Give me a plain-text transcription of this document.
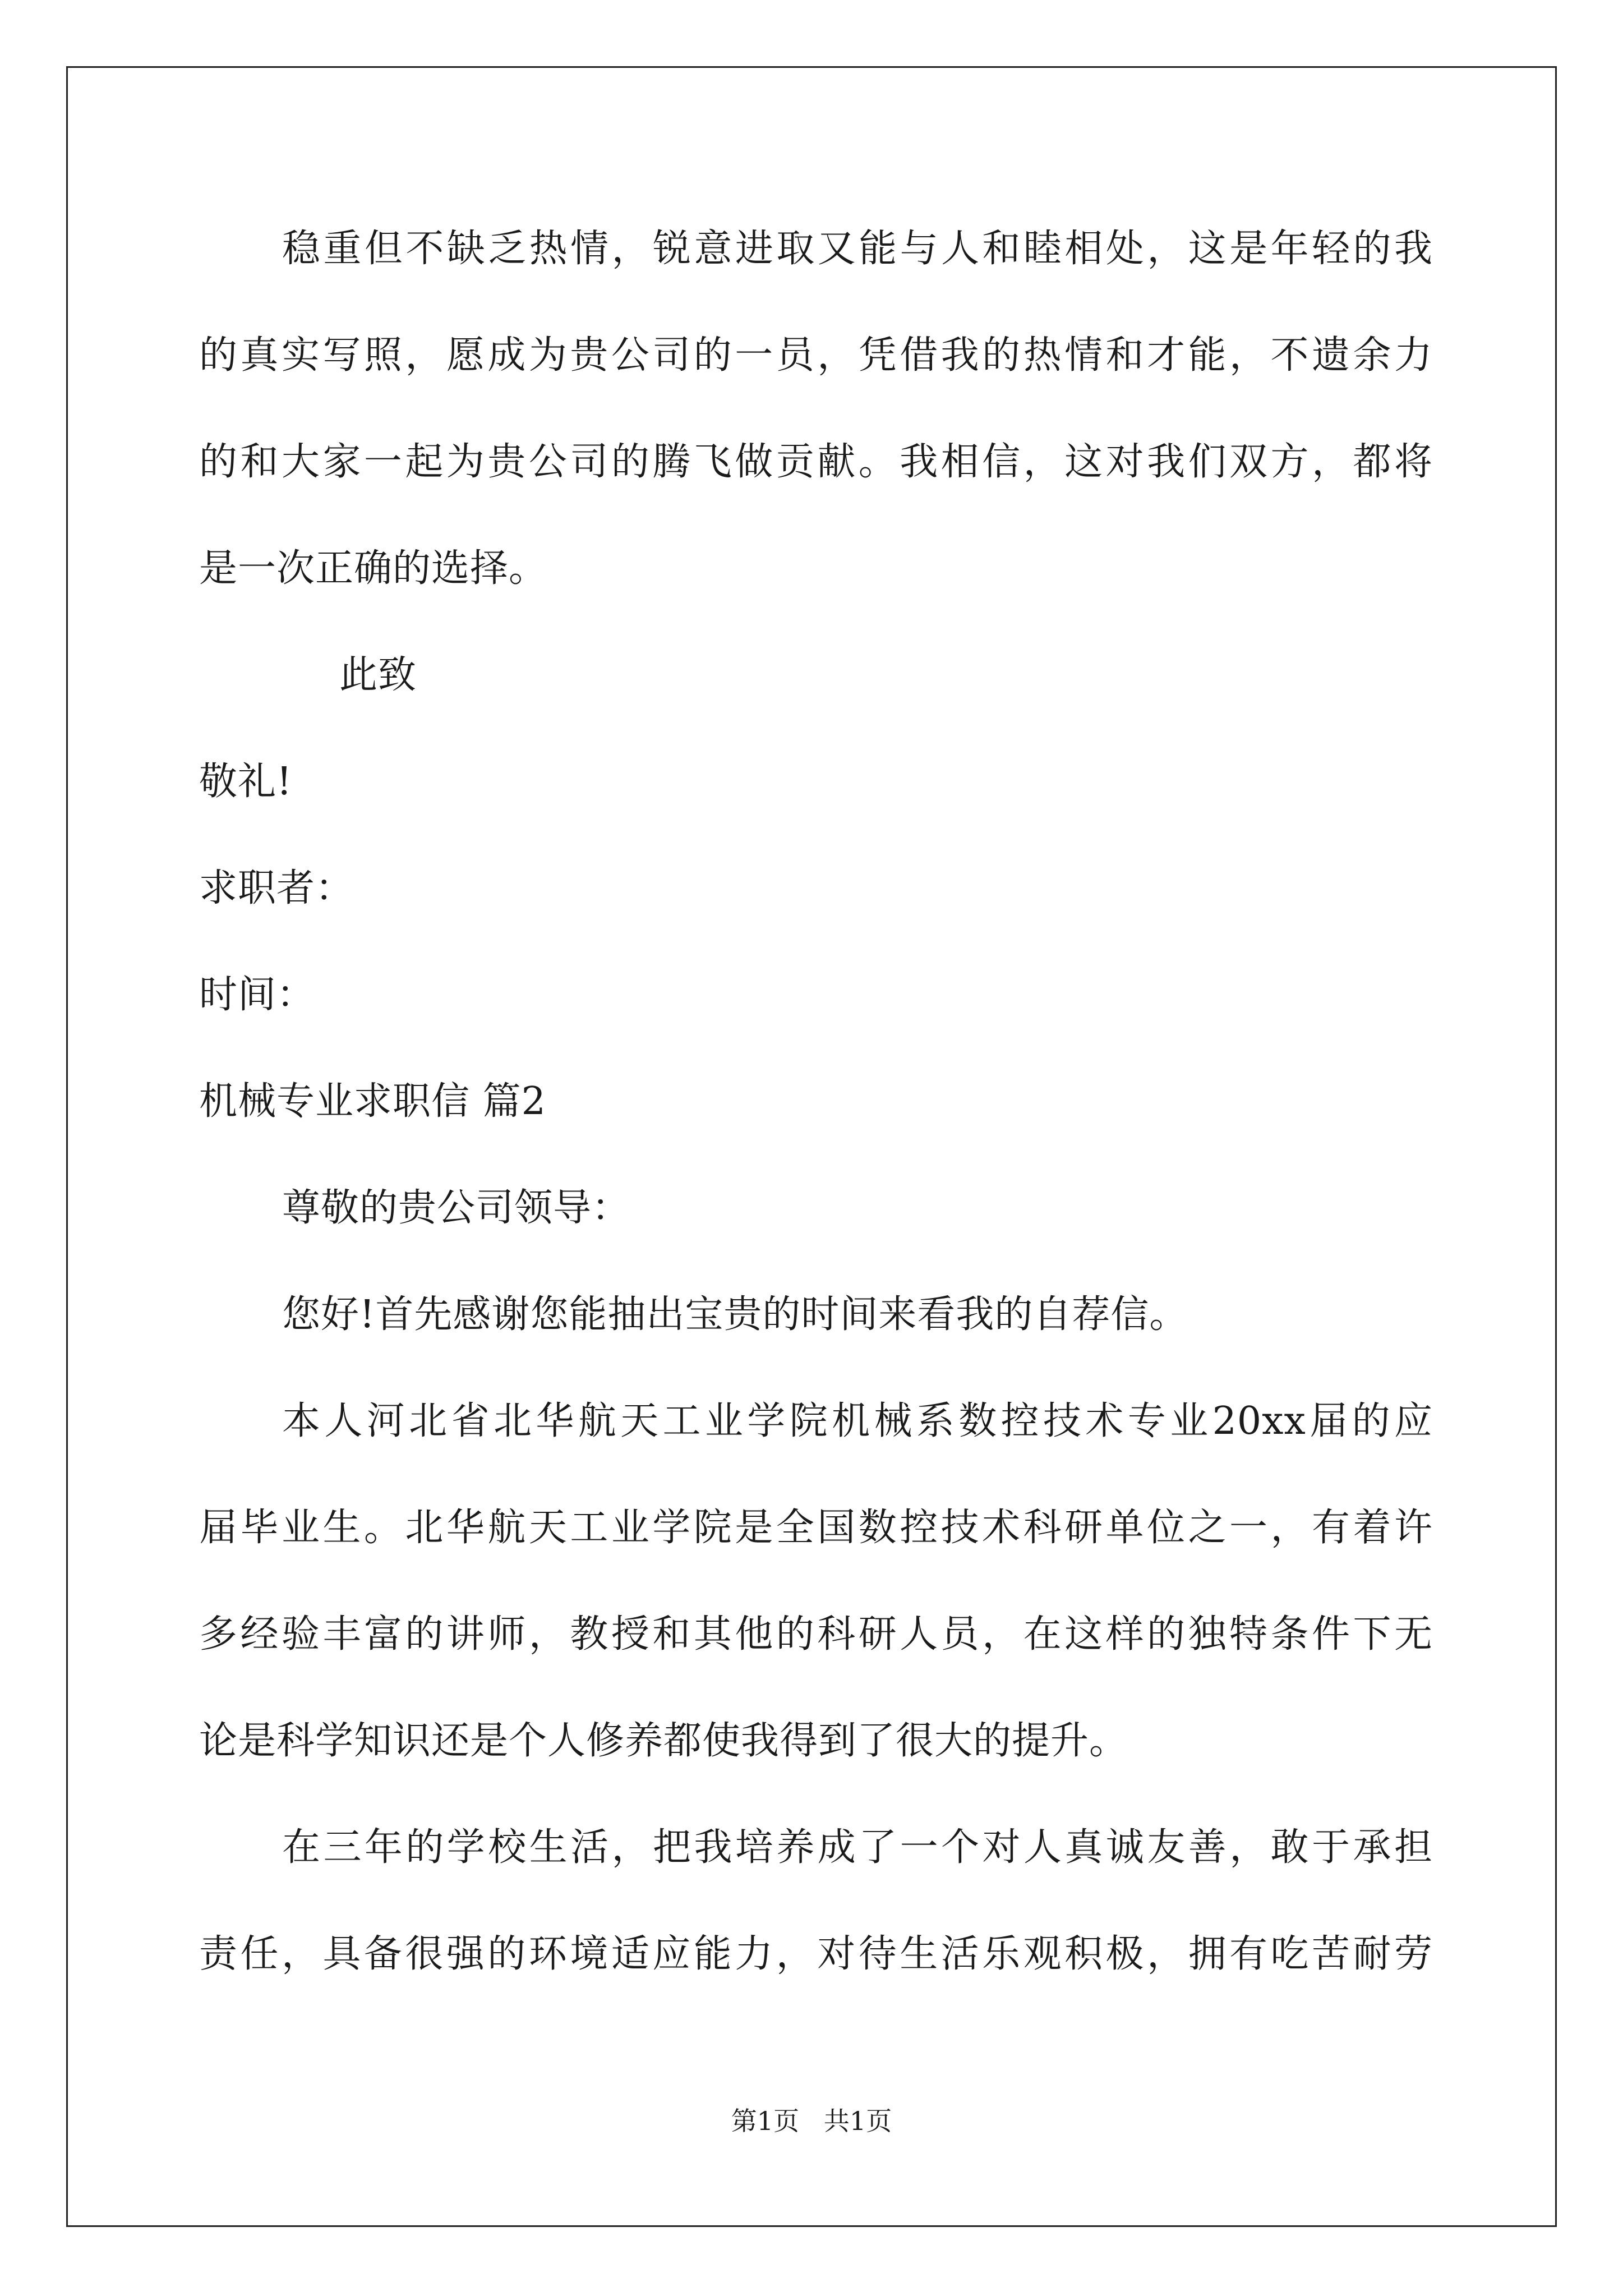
稳重但不缺乏热情，锐意进取又能与人和睦相处，这是年轻的我
的真实写照，愿成为贵公司的一员，凭借我的热情和才能，不遗余力
的和大家一起为贵公司的腾飞做贡献。我相信，这对我们双方，都将
是一次正确的选择。
此致
敬礼!
求职者：
时间：
机械专业求职信 篇2
尊敬的贵公司领导：
您好!首先感谢您能抽出宝贵的时间来看我的自荐信。
本人河北省北华航天工业学院机械系数控技术专业20xx届的应
届毕业生。北华航天工业学院是全国数控技术科研单位之一，有着许
多经验丰富的讲师，教授和其他的科研人员，在这样的独特条件下无
论是科学知识还是个人修养都使我得到了很大的提升。
在三年的学校生活，把我培养成了一个对人真诚友善，敢于承担
责任，具备很强的环境适应能力，对待生活乐观积极，拥有吃苦耐劳
第1页   共1页
